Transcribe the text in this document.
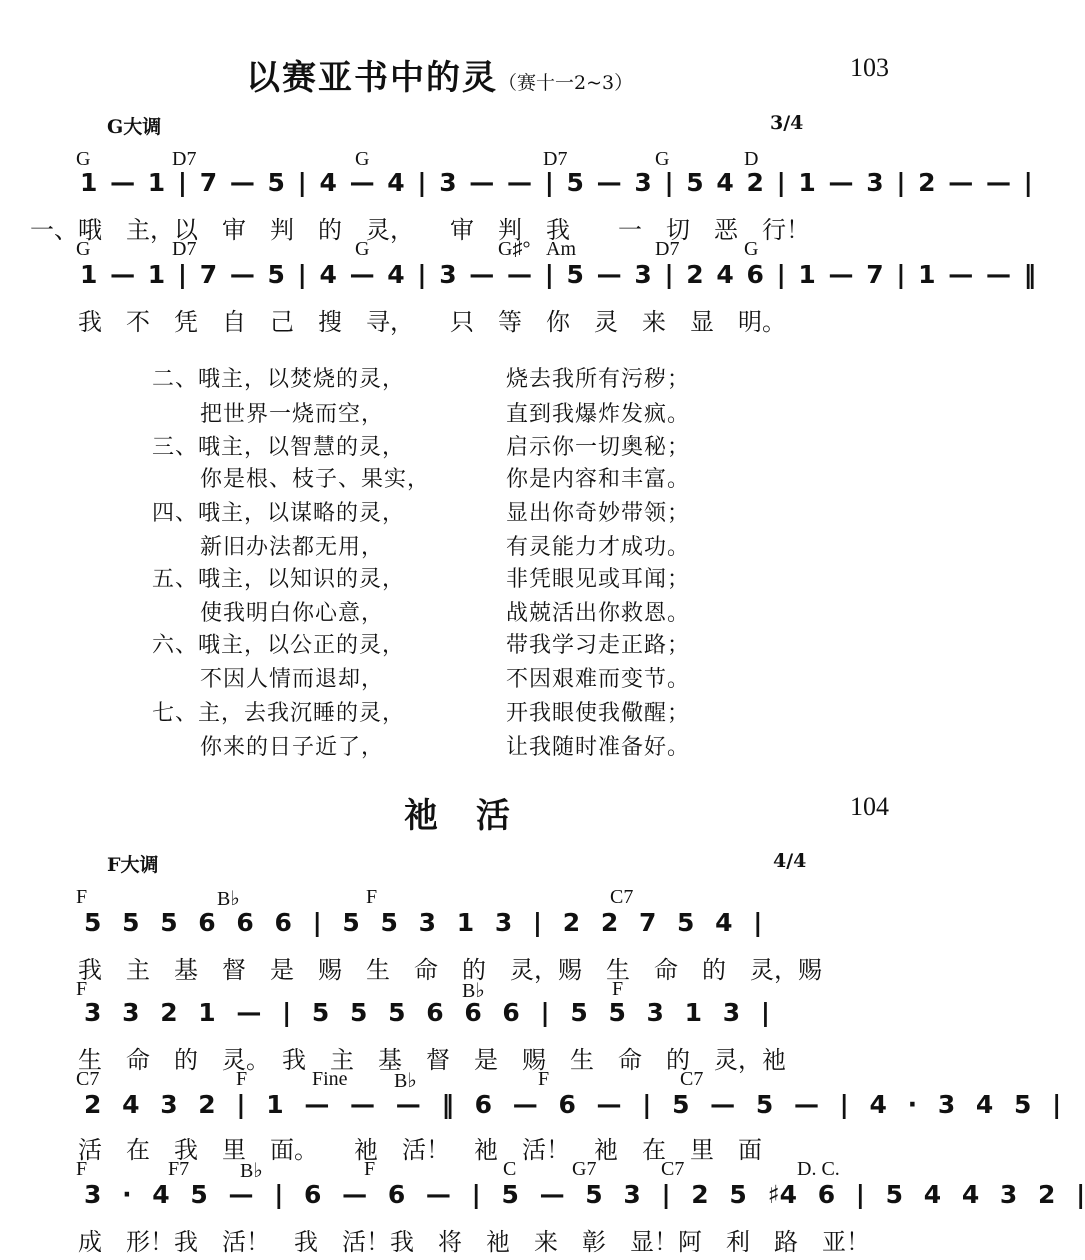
以赛亚书中的灵（赛十一2~3）
103
G大调	3/4
G	D7	G	D7	G	D
1 — 1 | 7 — 5 | 4 — 4 | 3 — — | 5 — 3 | 5 4 2 | 1 — 3 | 2 — — |
一、哦　主，以　审　判　的　灵，　　审　判　我　　一　切　恶　行！
G	D7	G	G♯° Am	D7	G
1 — 1 | 7 — 5 | 4 — 4 | 3 — — | 5 — 3 | 2 4 6 | 1 — 7 | 1 — — ‖
我　不　凭　自　己　搜　寻，　　只　等　你　灵　来　显　明。
二、哦主，以焚烧的灵，	烧去我所有污秽；
把世界一烧而空，	直到我爆炸发疯。
三、哦主，以智慧的灵，	启示你一切奥秘；
你是根、枝子、果实，	你是内容和丰富。
四、哦主，以谋略的灵，	显出你奇妙带领；
新旧办法都无用，	有灵能力才成功。
五、哦主，以知识的灵，	非凭眼见或耳闻；
使我明白你心意，	战兢活出你救恩。
六、哦主，以公正的灵，	带我学习走正路；
不因人情而退却，	不因艰难而变节。
七、主，去我沉睡的灵，	开我眼使我儆醒；
你来的日子近了，	让我随时准备好。
祂　活	104
F大调	4/4
F	B♭	F	C7
5 5 5 6 6 6 | 5 5 3 1 3 | 2 2 7 5 4 |
我　主　基　督　是　赐　生　命　的　灵，赐　生　命　的　灵，赐
F	B♭	F
3 3 2 1 — | 5 5 5 6 6 6 | 5 5 3 1 3 |
生　命　的　灵。　我　主　基　督　是　赐　生　命　的　灵，祂
C7	F	Fine B♭	F	C7
2 4 3 2 | 1 — — — ‖ 6 — 6 — | 5 — 5 — | 4 · 3 4 5 |
活　在　我　里　面。　　祂　活！　祂　活！　祂　在　里　面
F	F7	B♭	F	C	G7	C7	D. C.
3 · 4 5 — | 6 — 6 — | 5 — 5 3 | 2 5 ♯4 6 | 5 4 4 3 2 |
成　形！我　活！　我　活！我　将　祂　来　彰　显！阿　利　路　亚！
